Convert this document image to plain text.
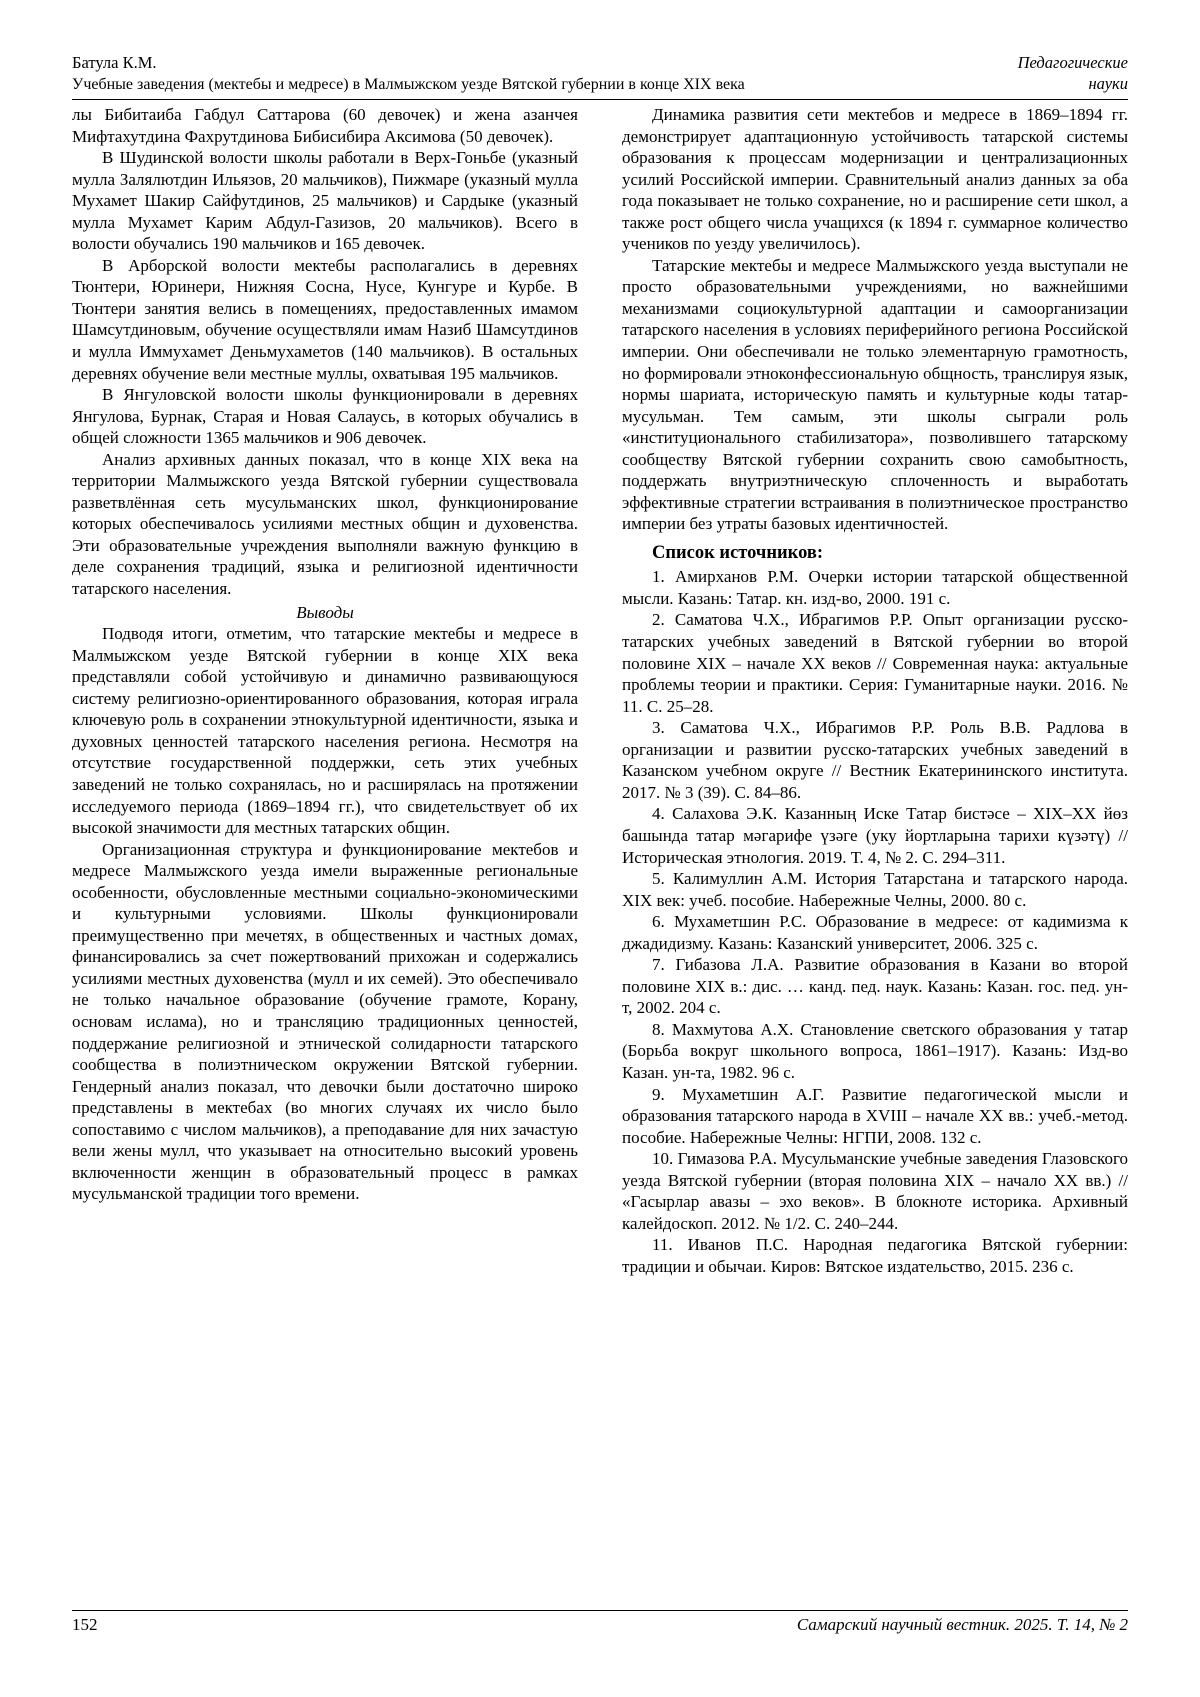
Батула К.М.	Педагогические
Учебные заведения (мектебы и медресе) в Малмыжском уезде Вятской губернии в конце XIX века	науки

лы Бибитаиба Габдул Саттарова (60 девочек) и жена азанчея Мифтахутдина Фахрутдинова Бибисибира Аксимова (50 девочек).

В Шудинской волости школы работали в Верх-Гоньбе (указный мулла Залялютдин Ильязов, 20 мальчиков), Пижмаре (указный мулла Мухамет Шакир Сайфутдинов, 25 мальчиков) и Сардыке (указный мулла Мухамет Карим Абдул-Газизов, 20 мальчиков). Всего в волости обучались 190 мальчиков и 165 девочек.

В Арборской волости мектебы располагались в деревнях Тюнтери, Юринери, Нижняя Сосна, Нусе, Кунгуре и Курбе. В Тюнтери занятия велись в помещениях, предоставленных имамом Шамсутдиновым, обучение осуществляли имам Назиб Шамсутдинов и мулла Иммухамет Деньмухаметов (140 мальчиков). В остальных деревнях обучение вели местные муллы, охватывая 195 мальчиков.

В Янгуловской волости школы функционировали в деревнях Янгулова, Бурнак, Старая и Новая Салаусь, в которых обучались в общей сложности 1365 мальчиков и 906 девочек.

Анализ архивных данных показал, что в конце XIX века на территории Малмыжского уезда Вятской губернии существовала разветвлённая сеть мусульманских школ, функционирование которых обеспечивалось усилиями местных общин и духовенства. Эти образовательные учреждения выполняли важную функцию в деле сохранения традиций, языка и религиозной идентичности татарского населения.

Выводы

Подводя итоги, отметим, что татарские мектебы и медресе в Малмыжском уезде Вятской губернии в конце XIX века представляли собой устойчивую и динамично развивающуюся систему религиозно-ориентированного образования, которая играла ключевую роль в сохранении этнокультурной идентичности, языка и духовных ценностей татарского населения региона. Несмотря на отсутствие государственной поддержки, сеть этих учебных заведений не только сохранялась, но и расширялась на протяжении исследуемого периода (1869–1894 гг.), что свидетельствует об их высокой значимости для местных татарских общин.

Организационная структура и функционирование мектебов и медресе Малмыжского уезда имели выраженные региональные особенности, обусловленные местными социально-экономическими и культурными условиями. Школы функционировали преимущественно при мечетях, в общественных и частных домах, финансировались за счет пожертвований прихожан и содержались усилиями местных духовенства (мулл и их семей). Это обеспечивало не только начальное образование (обучение грамоте, Корану, основам ислама), но и трансляцию традиционных ценностей, поддержание религиозной и этнической солидарности татарского сообщества в полиэтническом окружении Вятской губернии. Гендерный анализ показал, что девочки были достаточно широко представлены в мектебах (во многих случаях их число было сопоставимо с числом мальчиков), а преподавание для них зачастую вели жены мулл, что указывает на относительно высокий уровень включенности женщин в образовательный процесс в рамках мусульманской традиции того времени.

Динамика развития сети мектебов и медресе в 1869–1894 гг. демонстрирует адаптационную устойчивость татарской системы образования к процессам модернизации и централизационных усилий Российской империи. Сравнительный анализ данных за оба года показывает не только сохранение, но и расширение сети школ, а также рост общего числа учащихся (к 1894 г. суммарное количество учеников по уезду увеличилось).

Татарские мектебы и медресе Малмыжского уезда выступали не просто образовательными учреждениями, но важнейшими механизмами социокультурной адаптации и самоорганизации татарского населения в условиях периферийного региона Российской империи. Они обеспечивали не только элементарную грамотность, но формировали этноконфессиональную общность, транслируя язык, нормы шариата, историческую память и культурные коды татар-мусульман. Тем самым, эти школы сыграли роль «институционального стабилизатора», позволившего татарскому сообществу Вятской губернии сохранить свою самобытность, поддержать внутриэтническую сплоченность и выработать эффективные стратегии встраивания в полиэтническое пространство империи без утраты базовых идентичностей.

Список источников:

1. Амирханов Р.М. Очерки истории татарской общественной мысли. Казань: Татар. кн. изд-во, 2000. 191 с.

2. Саматова Ч.Х., Ибрагимов Р.Р. Опыт организации русско-татарских учебных заведений в Вятской губернии во второй половине XIX – начале XX веков // Современная наука: актуальные проблемы теории и практики. Серия: Гуманитарные науки. 2016. № 11. С. 25–28.

3. Саматова Ч.Х., Ибрагимов Р.Р. Роль В.В. Радлова в организации и развитии русско-татарских учебных заведений в Казанском учебном округе // Вестник Екатерининского института. 2017. № 3 (39). С. 84–86.

4. Салахова Э.К. Казанның Иске Татар бистәсе – XIX–XX йөз башында татар мәгарифе үзәге (уку йортларына тарихи күзәтү) // Историческая этнология. 2019. Т. 4, № 2. С. 294–311.

5. Калимуллин А.М. История Татарстана и татарского народа. XIX век: учеб. пособие. Набережные Челны, 2000. 80 с.

6. Мухаметшин Р.С. Образование в медресе: от кадимизма к джадидизму. Казань: Казанский университет, 2006. 325 с.

7. Гибазова Л.А. Развитие образования в Казани во второй половине XIX в.: дис. … канд. пед. наук. Казань: Казан. гос. пед. ун-т, 2002. 204 с.

8. Махмутова А.Х. Становление светского образования у татар (Борьба вокруг школьного вопроса, 1861–1917). Казань: Изд-во Казан. ун-та, 1982. 96 с.

9. Мухаметшин А.Г. Развитие педагогической мысли и образования татарского народа в XVIII – начале XX вв.: учеб.-метод. пособие. Набережные Челны: НГПИ, 2008. 132 с.

10. Гимазова Р.А. Мусульманские учебные заведения Глазовского уезда Вятской губернии (вторая половина XIX – начало XX вв.) // «Гасырлар авазы – эхо веков». В блокноте историка. Архивный калейдоскоп. 2012. № 1/2. С. 240–244.

11. Иванов П.С. Народная педагогика Вятской губернии: традиции и обычаи. Киров: Вятское издательство, 2015. 236 с.

152	Самарский научный вестник. 2025. Т. 14, № 2
